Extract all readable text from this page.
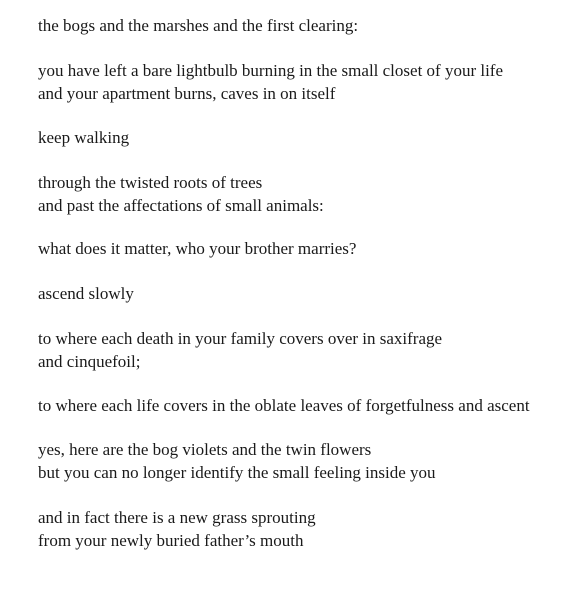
the bogs and the marshes and the first clearing:

you have left a bare lightbulb burning in the small closet of your life
and your apartment burns, caves in on itself

keep walking

through the twisted roots of trees
and past the affectations of small animals:

what does it matter, who your brother marries?

ascend slowly

to where each death in your family covers over in saxifrage
and cinquefoil;

to where each life covers in the oblate leaves of forgetfulness and ascent

yes, here are the bog violets and the twin flowers
but you can no longer identify the small feeling inside you

and in fact there is a new grass sprouting
from your newly buried father’s mouth
